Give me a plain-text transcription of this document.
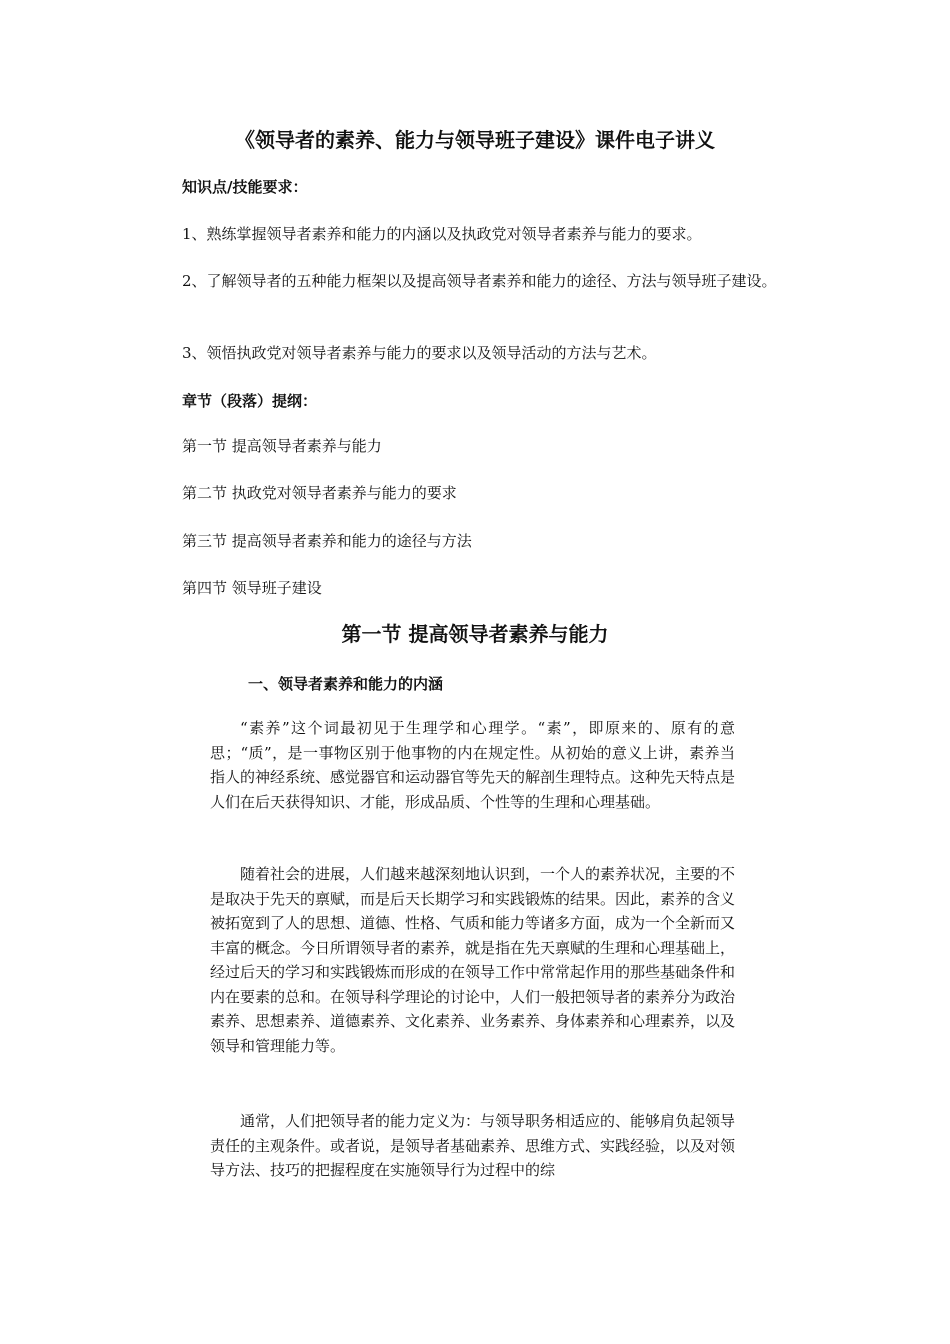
《领导者的素养、能力与领导班子建设》课件电子讲义

知识点/技能要求：

1、熟练掌握领导者素养和能力的内涵以及执政党对领导者素养与能力的要求。

2、了解领导者的五种能力框架以及提高领导者素养和能力的途径、方法与领导班子建设。

3、领悟执政党对领导者素养与能力的要求以及领导活动的方法与艺术。

章节（段落）提纲：

第一节 提高领导者素养与能力

第二节 执政党对领导者素养与能力的要求

第三节 提高领导者素养和能力的途径与方法

第四节 领导班子建设

第一节 提高领导者素养与能力
一、领导者素养和能力的内涵

“素养”这个词最初见于生理学和心理学。“素”，即原来的、原有的意思；“质”，是一事物区别于他事物的内在规定性。从初始的意义上讲，素养当指人的神经系统、感觉器官和运动器官等先天的解剖生理特点。这种先天特点是人们在后天获得知识、才能，形成品质、个性等的生理和心理基础。

随着社会的进展，人们越来越深刻地认识到，一个人的素养状况，主要的不是取决于先天的禀赋，而是后天长期学习和实践锻炼的结果。因此，素养的含义被拓宽到了人的思想、道德、性格、气质和能力等诸多方面，成为一个全新而又丰富的概念。今日所谓领导者的素养，就是指在先天禀赋的生理和心理基础上，经过后天的学习和实践锻炼而形成的在领导工作中常常起作用的那些基础条件和内在要素的总和。在领导科学理论的讨论中，人们一般把领导者的素养分为政治素养、思想素养、道德素养、文化素养、业务素养、身体素养和心理素养，以及领导和管理能力等。

通常，人们把领导者的能力定义为：与领导职务相适应的、能够肩负起领导责任的主观条件。或者说，是领导者基础素养、思维方式、实践经验，以及对领导方法、技巧的把握程度在实施领导行为过程中的综
